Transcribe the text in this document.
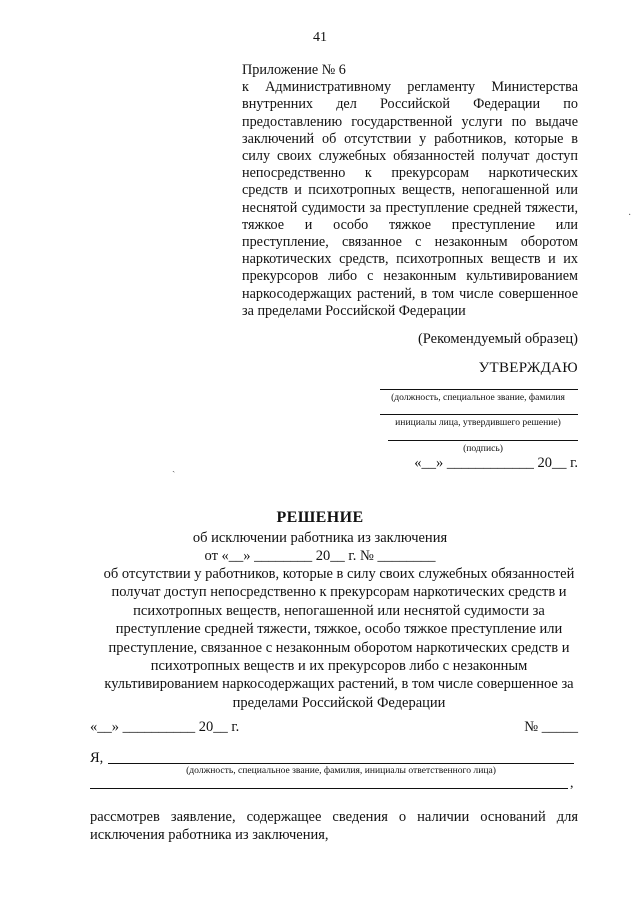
41
Приложение № 6
к Административному регламенту Министерства внутренних дел Российской Федерации по предоставлению государственной услуги по выдаче заключений об отсутствии у работников, которые в силу своих служебных обязанностей получат доступ непосредственно к прекурсорам наркотических средств и психотропных веществ, непогашенной или неснятой судимости за преступление средней тяжести, тяжкое и особо тяжкое преступление или преступление, связанное с незаконным оборотом наркотических средств, психотропных веществ и их прекурсоров либо с незаконным культивированием наркосодержащих растений, в том числе совершенное за пределами Российской Федерации
(Рекомендуемый образец)
УТВЕРЖДАЮ
(должность, специальное звание, фамилия
инициалы лица, утвердившего решение)
(подпись)
«__» ____________ 20__ г.
РЕШЕНИЕ
об исключении работника из заключения
от «__» ________ 20__ г. № ________
об отсутствии у работников, которые в силу своих служебных обязанностей получат доступ непосредственно к прекурсорам наркотических средств и психотропных веществ, непогашенной или неснятой судимости за преступление средней тяжести, тяжкое, особо тяжкое преступление или преступление, связанное с незаконным оборотом наркотических средств и психотропных веществ и их прекурсоров либо с незаконным культивированием наркосодержащих растений, в том числе совершенное за пределами Российской Федерации
«__» __________ 20__ г.	№ _____
Я,
(должность, специальное звание, фамилия, инициалы ответственного лица)
,
рассмотрев заявление, содержащее сведения о наличии оснований для исключения работника из заключения,
ˏ
·
